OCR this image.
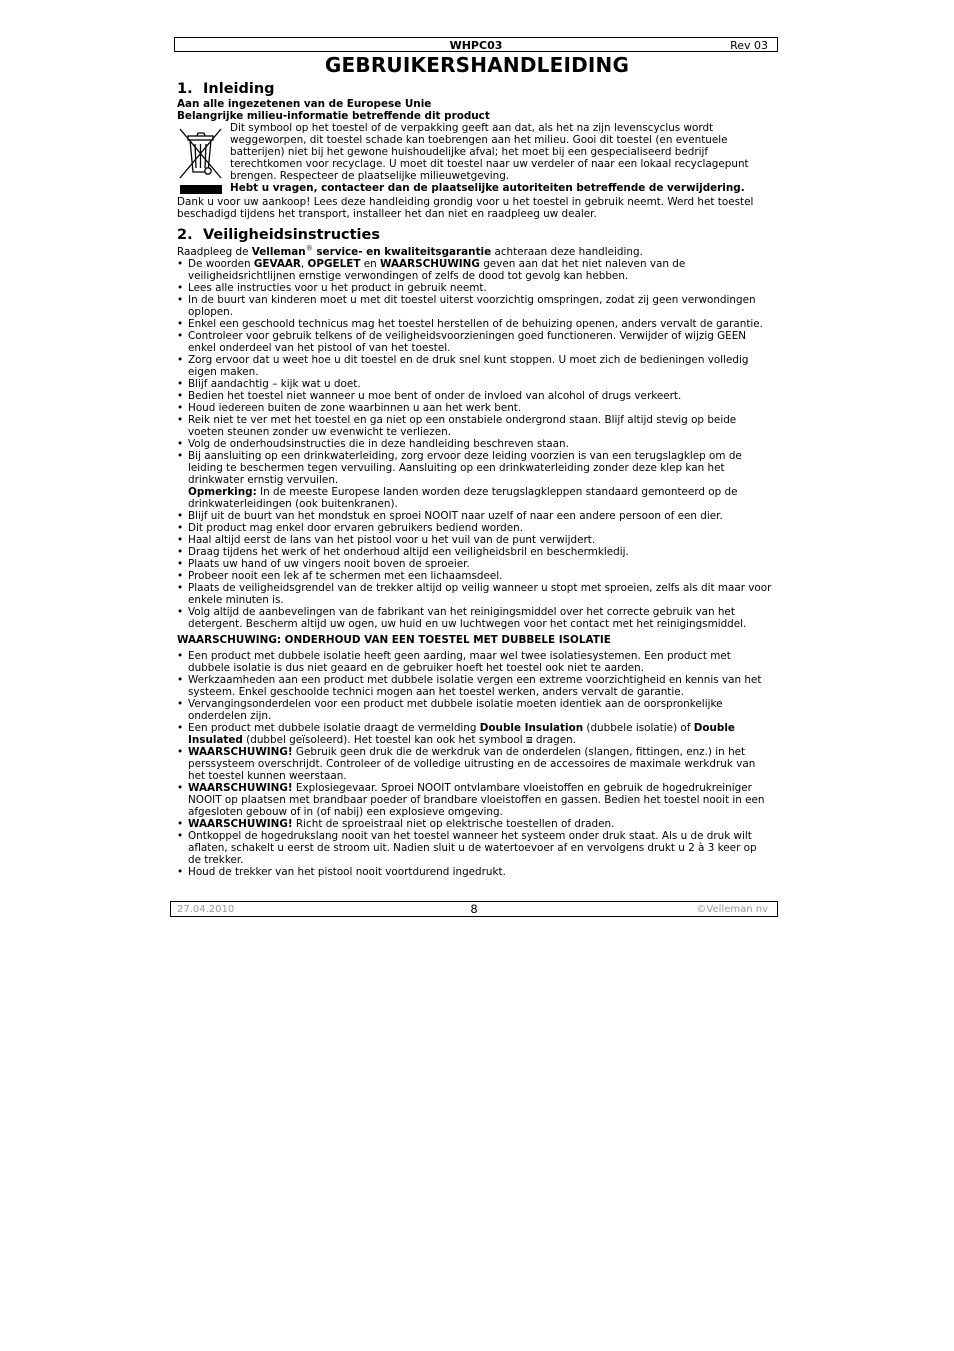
WHPC03	Rev 03
GEBRUIKERSHANDLEIDING
1. Inleiding

Aan alle ingezetenen van de Europese Unie

Belangrijke milieu-informatie betreffende dit product

Dit symbool op het toestel of de verpakking geeft aan dat, als het na zijn levenscyclus wordt weggeworpen, dit toestel schade kan toebrengen aan het milieu. Gooi dit toestel (en eventuele batterijen) niet bij het gewone huishoudelijke afval; het moet bij een gespecialiseerd bedrijf terechtkomen voor recyclage. U moet dit toestel naar uw verdeler of naar een lokaal recyclagepunt brengen. Respecteer de plaatselijke milieuwetgeving.

Hebt u vragen, contacteer dan de plaatselijke autoriteiten betreffende de verwijdering.

Dank u voor uw aankoop! Lees deze handleiding grondig voor u het toestel in gebruik neemt. Werd het toestel beschadigd tijdens het transport, installeer het dan niet en raadpleeg uw dealer.

2. Veiligheidsinstructies

Raadpleeg de Velleman® service- en kwaliteitsgarantie achteraan deze handleiding.

• De woorden GEVAAR, OPGELET en WAARSCHUWING geven aan dat het niet naleven van de veiligheidsrichtlijnen ernstige verwondingen of zelfs de dood tot gevolg kan hebben.
• Lees alle instructies voor u het product in gebruik neemt.
• In de buurt van kinderen moet u met dit toestel uiterst voorzichtig omspringen, zodat zij geen verwondingen oplopen.
• Enkel een geschoold technicus mag het toestel herstellen of de behuizing openen, anders vervalt de garantie.
• Controleer voor gebruik telkens of de veiligheidsvoorzieningen goed functioneren. Verwijder of wijzig GEEN enkel onderdeel van het pistool of van het toestel.
• Zorg ervoor dat u weet hoe u dit toestel en de druk snel kunt stoppen. U moet zich de bedieningen volledig eigen maken.
• Blijf aandachtig – kijk wat u doet.
• Bedien het toestel niet wanneer u moe bent of onder de invloed van alcohol of drugs verkeert.
• Houd iedereen buiten de zone waarbinnen u aan het werk bent.
• Reik niet te ver met het toestel en ga niet op een onstabiele ondergrond staan. Blijf altijd stevig op beide voeten steunen zonder uw evenwicht te verliezen.
• Volg de onderhoudsinstructies die in deze handleiding beschreven staan.
• Bij aansluiting op een drinkwaterleiding, zorg ervoor deze leiding voorzien is van een terugslagklep om de leiding te beschermen tegen vervuiling. Aansluiting op een drinkwaterleiding zonder deze klep kan het drinkwater ernstig vervuilen.
Opmerking: In de meeste Europese landen worden deze terugslagkleppen standaard gemonteerd op de drinkwaterleidingen (ook buitenkranen).
• Blijf uit de buurt van het mondstuk en sproei NOOIT naar uzelf of naar een andere persoon of een dier.
• Dit product mag enkel door ervaren gebruikers bediend worden.
• Haal altijd eerst de lans van het pistool voor u het vuil van de punt verwijdert.
• Draag tijdens het werk of het onderhoud altijd een veiligheidsbril en beschermkledij.
• Plaats uw hand of uw vingers nooit boven de sproeier.
• Probeer nooit een lek af te schermen met een lichaamsdeel.
• Plaats de veiligheidsgrendel van de trekker altijd op veilig wanneer u stopt met sproeien, zelfs als dit maar voor enkele minuten is.
• Volg altijd de aanbevelingen van de fabrikant van het reinigingsmiddel over het correcte gebruik van het detergent. Bescherm altijd uw ogen, uw huid en uw luchtwegen voor het contact met het reinigingsmiddel.

WAARSCHUWING: ONDERHOUD VAN EEN TOESTEL MET DUBBELE ISOLATIE

• Een product met dubbele isolatie heeft geen aarding, maar wel twee isolatiesystemen. Een product met dubbele isolatie is dus niet geaard en de gebruiker hoeft het toestel ook niet te aarden.
• Werkzaamheden aan een product met dubbele isolatie vergen een extreme voorzichtigheid en kennis van het systeem. Enkel geschoolde technici mogen aan het toestel werken, anders vervalt de garantie.
• Vervangingsonderdelen voor een product met dubbele isolatie moeten identiek aan de oorspronkelijke onderdelen zijn.
• Een product met dubbele isolatie draagt de vermelding Double Insulation (dubbele isolatie) of Double Insulated (dubbel geïsoleerd). Het toestel kan ook het symbool ⧈ dragen.
• WAARSCHUWING! Gebruik geen druk die de werkdruk van de onderdelen (slangen, fittingen, enz.) in het perssysteem overschrijdt. Controleer of de volledige uitrusting en de accessoires de maximale werkdruk van het toestel kunnen weerstaan.
• WAARSCHUWING! Explosiegevaar. Sproei NOOIT ontvlambare vloeistoffen en gebruik de hogedrukreiniger NOOIT op plaatsen met brandbaar poeder of brandbare vloeistoffen en gassen. Bedien het toestel nooit in een afgesloten gebouw of in (of nabij) een explosieve omgeving.
• WAARSCHUWING! Richt de sproeistraal niet op elektrische toestellen of draden.
• Ontkoppel de hogedrukslang nooit van het toestel wanneer het systeem onder druk staat. Als u de druk wilt aflaten, schakelt u eerst de stroom uit. Nadien sluit u de watertoevoer af en vervolgens drukt u 2 à 3 keer op de trekker.
• Houd de trekker van het pistool nooit voortdurend ingedrukt.
27.04.2010	8	©Velleman nv
